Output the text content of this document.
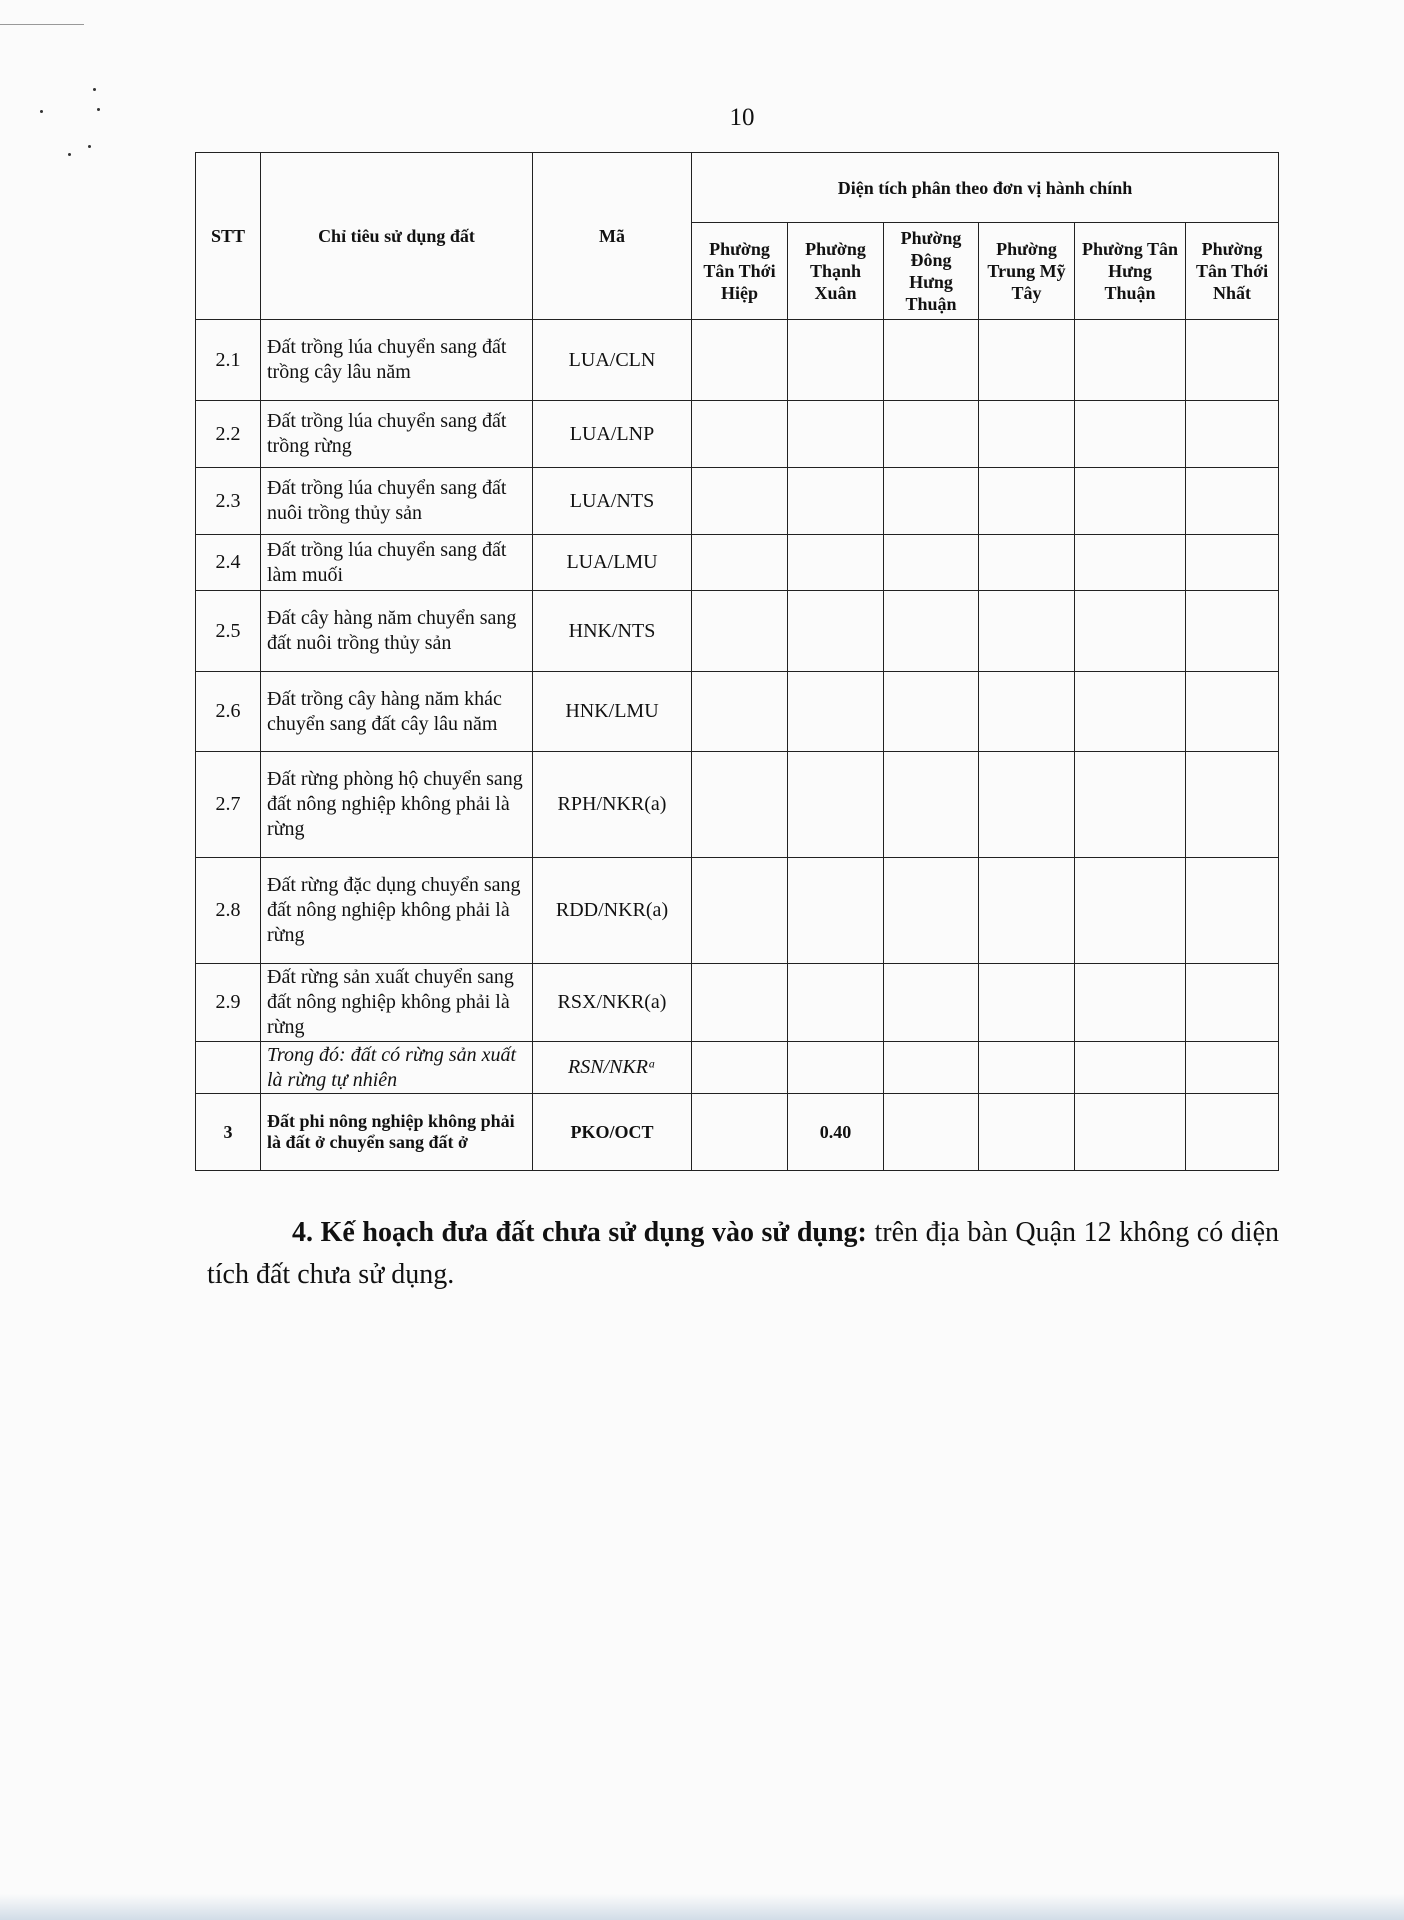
10
STT	Chỉ tiêu sử dụng đất	Mã	Diện tích phân theo đơn vị hành chính					
			Phường Tân Thới Hiệp	Phường Thạnh Xuân	Phường Đông Hưng Thuận	Phường Trung Mỹ Tây	Phường Tân Hưng Thuận	Phường Tân Thới Nhất
2.1	Đất trồng lúa chuyển sang đất trồng cây lâu năm	LUA/CLN						
2.2	Đất trồng lúa chuyển sang đất trồng rừng	LUA/LNP						
2.3	Đất trồng lúa chuyển sang đất nuôi trồng thủy sản	LUA/NTS						
2.4	Đất trồng lúa chuyển sang đất làm muối	LUA/LMU						
2.5	Đất cây hàng năm chuyển sang đất nuôi trồng thủy sản	HNK/NTS						
2.6	Đất trồng cây hàng năm khác chuyển sang đất cây lâu năm	HNK/LMU						
2.7	Đất rừng phòng hộ chuyển sang đất nông nghiệp không phải là rừng	RPH/NKR(a)						
2.8	Đất rừng đặc dụng chuyển sang đất nông nghiệp không phải là rừng	RDD/NKR(a)						
2.9	Đất rừng sản xuất chuyển sang đất nông nghiệp không phải là rừng	RSX/NKR(a)						
	Trong đó: đất có rừng sản xuất là rừng tự nhiên	RSN/NKRᵃ						
3	Đất phi nông nghiệp không phải là đất ở chuyển sang đất ở	PKO/OCT		0.40				
4. Kế hoạch đưa đất chưa sử dụng vào sử dụng: trên địa bàn Quận 12 không có diện tích đất chưa sử dụng.
